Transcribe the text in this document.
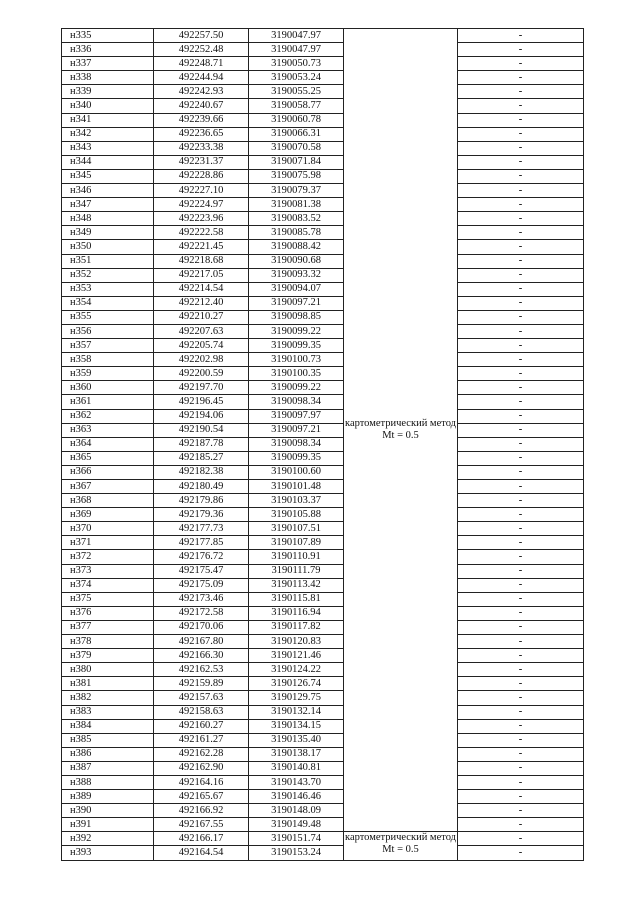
н335	492257.50	3190047.97	картометрический метод Mt = 0.5	-
н336	492252.48	3190047.97		-
н337	492248.71	3190050.73		-
н338	492244.94	3190053.24		-
н339	492242.93	3190055.25		-
н340	492240.67	3190058.77		-
н341	492239.66	3190060.78		-
н342	492236.65	3190066.31		-
н343	492233.38	3190070.58		-
н344	492231.37	3190071.84		-
н345	492228.86	3190075.98		-
н346	492227.10	3190079.37		-
н347	492224.97	3190081.38		-
н348	492223.96	3190083.52		-
н349	492222.58	3190085.78		-
н350	492221.45	3190088.42		-
н351	492218.68	3190090.68		-
н352	492217.05	3190093.32		-
н353	492214.54	3190094.07		-
н354	492212.40	3190097.21		-
н355	492210.27	3190098.85		-
н356	492207.63	3190099.22		-
н357	492205.74	3190099.35		-
н358	492202.98	3190100.73		-
н359	492200.59	3190100.35		-
н360	492197.70	3190099.22		-
н361	492196.45	3190098.34		-
н362	492194.06	3190097.97		-
н363	492190.54	3190097.21		-
н364	492187.78	3190098.34		-
н365	492185.27	3190099.35		-
н366	492182.38	3190100.60		-
н367	492180.49	3190101.48		-
н368	492179.86	3190103.37		-
н369	492179.36	3190105.88		-
н370	492177.73	3190107.51		-
н371	492177.85	3190107.89		-
н372	492176.72	3190110.91		-
н373	492175.47	3190111.79		-
н374	492175.09	3190113.42		-
н375	492173.46	3190115.81		-
н376	492172.58	3190116.94		-
н377	492170.06	3190117.82		-
н378	492167.80	3190120.83		-
н379	492166.30	3190121.46		-
н380	492162.53	3190124.22		-
н381	492159.89	3190126.74		-
н382	492157.63	3190129.75		-
н383	492158.63	3190132.14		-
н384	492160.27	3190134.15		-
н385	492161.27	3190135.40		-
н386	492162.28	3190138.17		-
н387	492162.90	3190140.81		-
н388	492164.16	3190143.70		-
н389	492165.67	3190146.46		-
н390	492166.92	3190148.09		-
н391	492167.55	3190149.48		-
н392	492166.17	3190151.74	картометрический метод Mt = 0.5	-
н393	492164.54	3190153.24		-
